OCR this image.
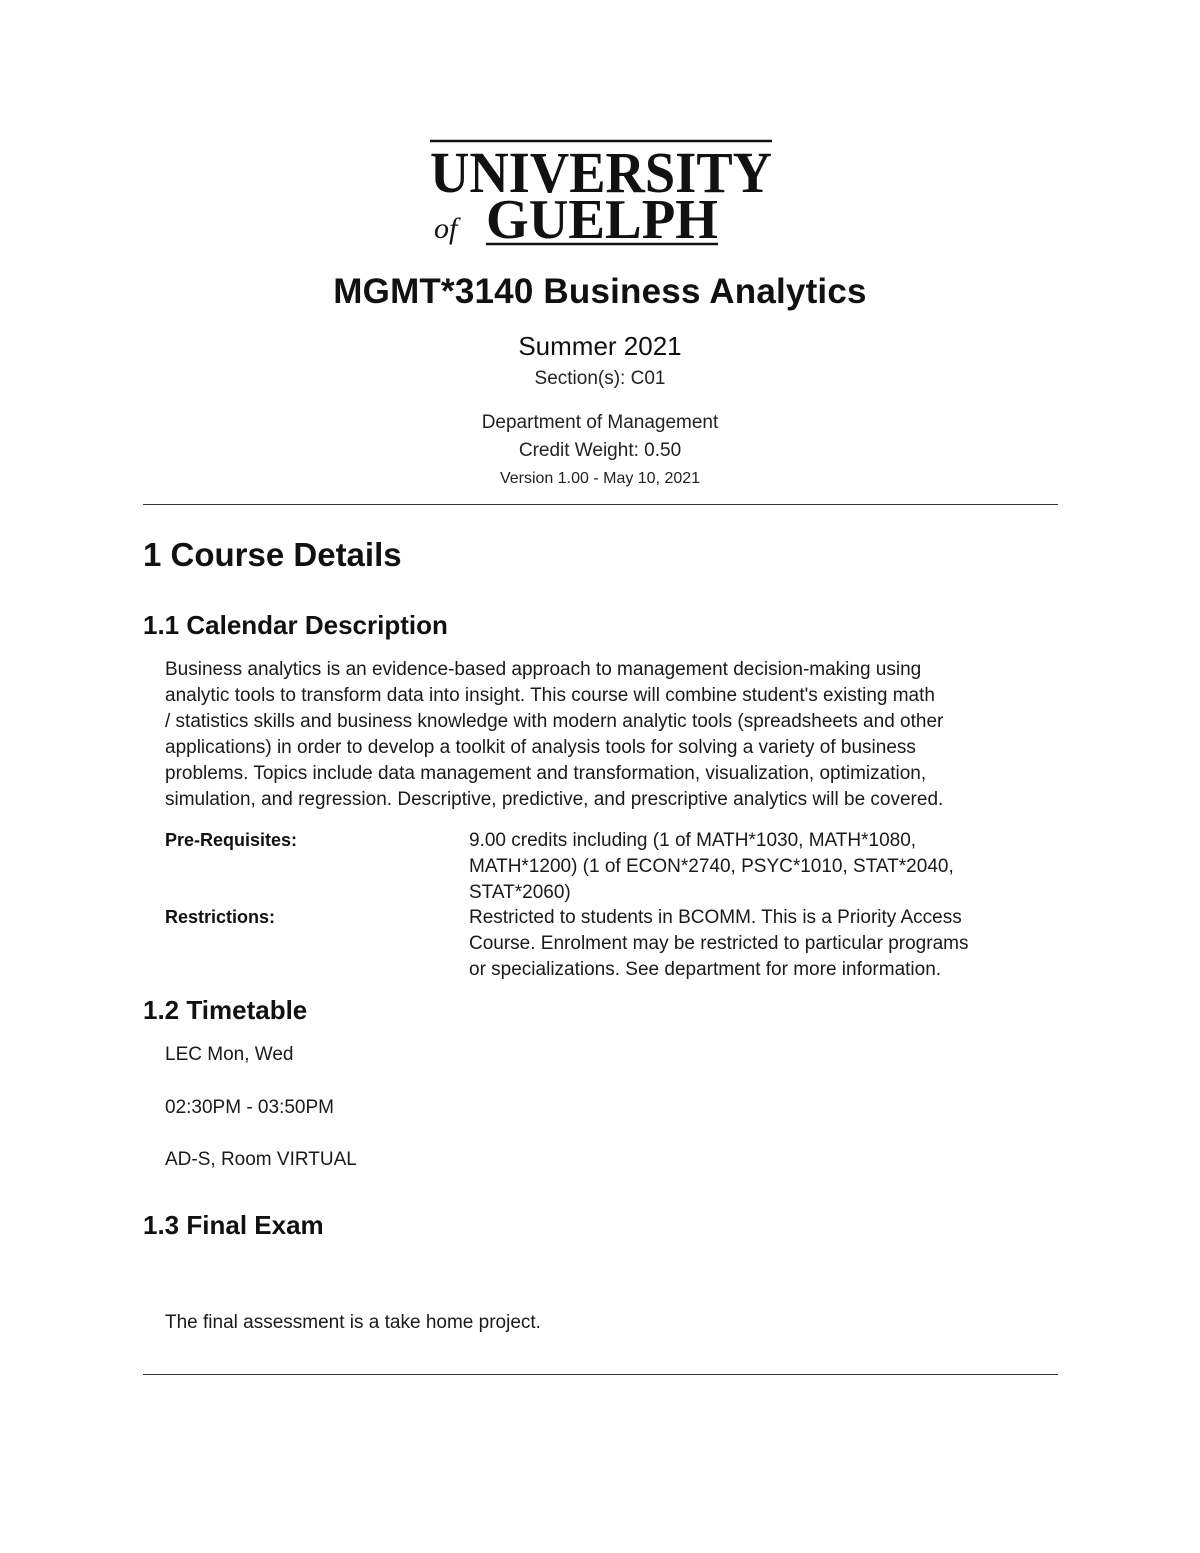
UNIVERSITY
of GUELPH
MGMT*3140 Business Analytics
Summer 2021
Section(s): C01
Department of Management
Credit Weight: 0.50
Version 1.00 - May 10, 2021
1 Course Details
1.1 Calendar Description
Business analytics is an evidence-based approach to management decision-making using
analytic tools to transform data into insight. This course will combine student's existing math
/ statistics skills and business knowledge with modern analytic tools (spreadsheets and other
applications) in order to develop a toolkit of analysis tools for solving a variety of business
problems. Topics include data management and transformation, visualization, optimization,
simulation, and regression. Descriptive, predictive, and prescriptive analytics will be covered.
Pre-Requisites:	9.00 credits including (1 of MATH*1030, MATH*1080,
MATH*1200) (1 of ECON*2740, PSYC*1010, STAT*2040,
STAT*2060)
Restrictions:	Restricted to students in BCOMM. This is a Priority Access
Course. Enrolment may be restricted to particular programs
or specializations. See department for more information.
1.2 Timetable
LEC Mon, Wed
02:30PM - 03:50PM
AD-S, Room VIRTUAL
1.3 Final Exam
The final assessment is a take home project.
